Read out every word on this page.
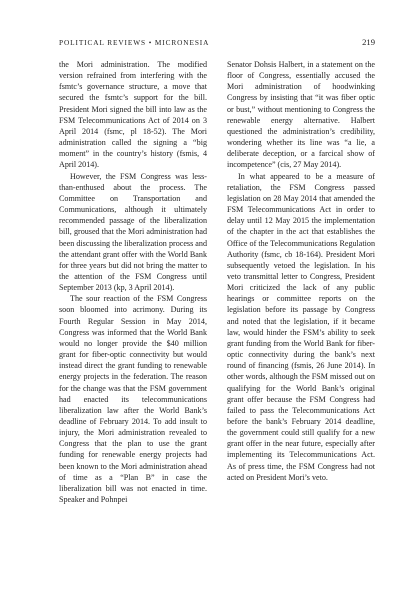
POLITICAL REVIEWS • MICRONESIA	219

the Mori administration. The modified version refrained from interfering with the fsmtc’s governance structure, a move that secured the fsmtc’s support for the bill. President Mori signed the bill into law as the FSM Telecommunications Act of 2014 on 3 April 2014 (fsmc, pl 18-52). The Mori administration called the signing a “big moment” in the country’s history (fsmis, 4 April 2014).

However, the FSM Congress was less-than-enthused about the process. The Committee on Transportation and Communications, although it ultimately recommended passage of the liberalization bill, groused that the Mori administration had been discussing the liberalization process and the attendant grant offer with the World Bank for three years but did not bring the matter to the attention of the FSM Congress until September 2013 (kp, 3 April 2014).

The sour reaction of the FSM Congress soon bloomed into acrimony. During its Fourth Regular Session in May 2014, Congress was informed that the World Bank would no longer provide the $40 million grant for fiber-optic connectivity but would instead direct the grant funding to renewable energy projects in the federation. The reason for the change was that the FSM government had enacted its telecommunications liberalization law after the World Bank’s deadline of February 2014. To add insult to injury, the Mori administration revealed to Congress that the plan to use the grant funding for renewable energy projects had been known to the Mori administration ahead of time as a “Plan B” in case the liberalization bill was not enacted in time. Speaker and Pohnpei

Senator Dohsis Halbert, in a statement on the floor of Congress, essentially accused the Mori administration of hoodwinking Congress by insisting that “it was fiber optic or bust,” without mentioning to Congress the renewable energy alternative. Halbert questioned the administration’s credibility, wondering whether its line was “a lie, a deliberate deception, or a farcical show of incompetence” (cis, 27 May 2014).

In what appeared to be a measure of retaliation, the FSM Congress passed legislation on 28 May 2014 that amended the FSM Telecommunications Act in order to delay until 12 May 2015 the implementation of the chapter in the act that establishes the Office of the Telecommunications Regulation Authority (fsmc, cb 18-164). President Mori subsequently vetoed the legislation. In his veto transmittal letter to Congress, President Mori criticized the lack of any public hearings or committee reports on the legislation before its passage by Congress and noted that the legislation, if it became law, would hinder the FSM’s ability to seek grant funding from the World Bank for fiber-optic connectivity during the bank’s next round of financing (fsmis, 26 June 2014). In other words, although the FSM missed out on qualifying for the World Bank’s original grant offer because the FSM Congress had failed to pass the Telecommunications Act before the bank’s February 2014 deadline, the government could still qualify for a new grant offer in the near future, especially after implementing its Telecommunications Act. As of press time, the FSM Congress had not acted on President Mori’s veto.
